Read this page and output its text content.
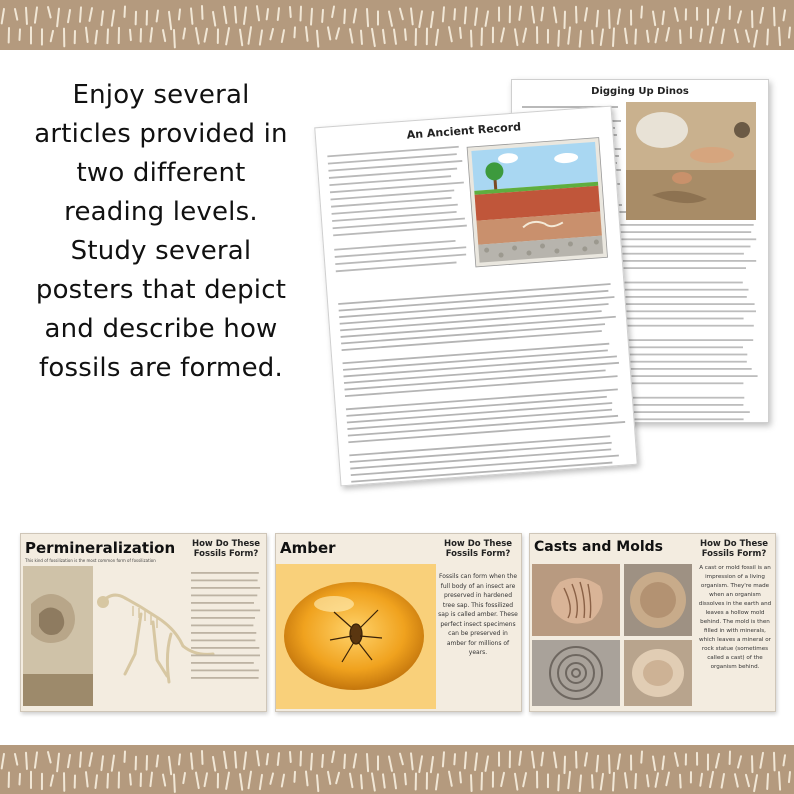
Enjoy several
articles provided in
two different
reading levels.
Study several
posters that depict
and describe how
fossils are formed.
Digging Up Dinos
An Ancient Record
Permineralization	How Do These Fossils Form?
This kind of fossilization is the most common form of fossilization
Amber	How Do These Fossils Form?

Fossils can form when the full body of an insect are preserved in hardened tree sap. This fossilized sap is called amber. These perfect insect specimens can be preserved in amber for millions of years.

Casts and Molds	How Do These Fossils Form?

A cast or mold fossil is an impression of a living organism. They're made when an organism dissolves in the earth and leaves a hollow mold behind. The mold is then filled in with minerals, which leaves a mineral or rock statue (sometimes called a cast) of the organism behind.
